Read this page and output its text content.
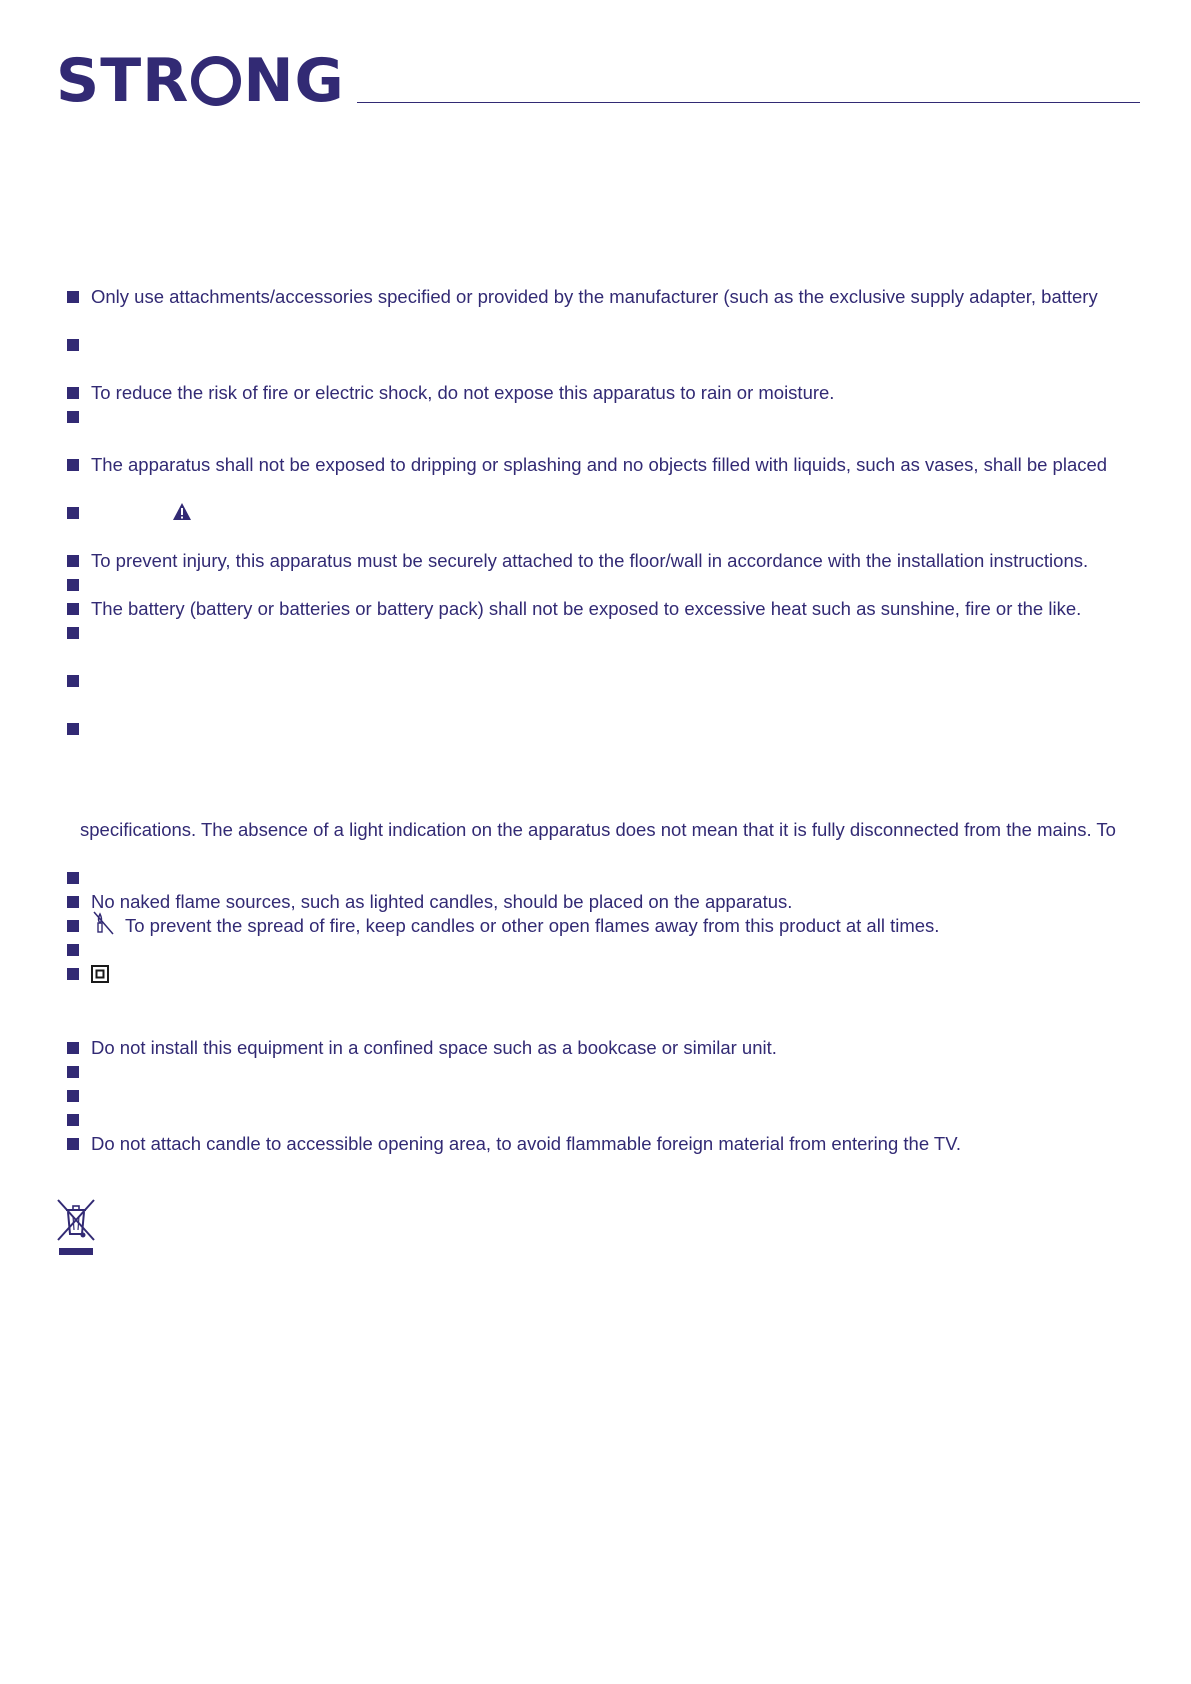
STR NG
Only use attachments/accessories specified or provided by the manufacturer (such as the exclusive supply adapter, battery
To reduce the risk of fire or electric shock, do not expose this apparatus to rain or moisture.
The apparatus shall not be exposed to dripping or splashing and no objects filled with liquids, such as vases, shall be placed
To prevent injury, this apparatus must be securely attached to the floor/wall in accordance with the installation instructions.
The battery (battery or batteries or battery pack) shall not be exposed to excessive heat such as sunshine, fire or the like.
specifications. The absence of a light indication on the apparatus does not mean that it is fully disconnected from the mains. To
No naked flame sources, such as lighted candles, should be placed on the apparatus.
To prevent the spread of fire, keep candles or other open flames away from this product at all times.
Do not install this equipment in a confined space such as a bookcase or similar unit.
Do not attach candle to accessible opening area, to avoid flammable foreign material from entering the TV.
